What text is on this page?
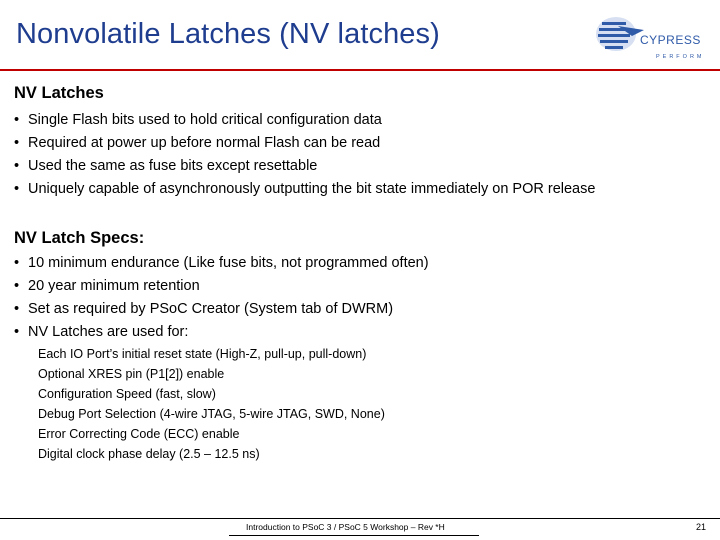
Nonvolatile Latches (NV latches)	CYPRESS
PERFORM
NV Latches
• Single Flash bits used to hold critical configuration data
• Required at power up before normal Flash can be read
• Used the same as fuse bits except resettable
• Uniquely capable of asynchronously outputting the bit state immediately on POR release
NV Latch Specs:
• 10 minimum endurance (Like fuse bits, not programmed often)
• 20 year minimum retention
• Set as required by PSoC Creator (System tab of DWRM)
• NV Latches are used for:
Each IO Port’s initial reset state (High-Z, pull-up, pull-down)
Optional XRES pin (P1[2]) enable
Configuration Speed (fast, slow)
Debug Port Selection (4-wire JTAG, 5-wire JTAG, SWD, None)
Error Correcting Code (ECC) enable
Digital clock phase delay (2.5 – 12.5 ns)
Introduction to PSoC 3 / PSoC 5 Workshop – Rev *H	21
